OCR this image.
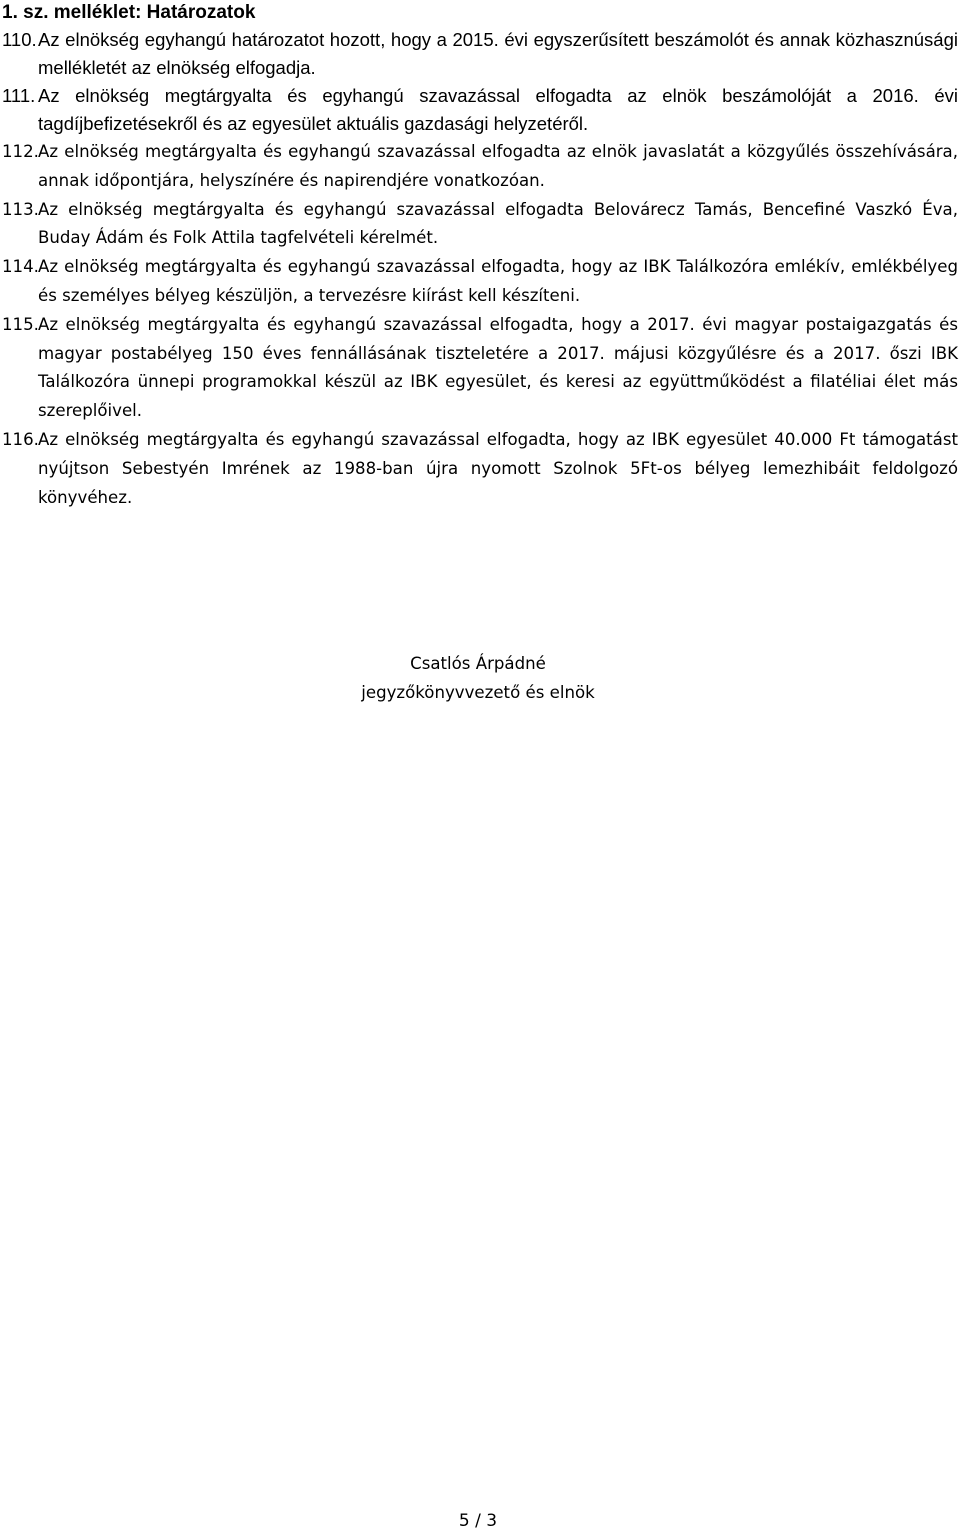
1. sz. melléklet: Határozatok
110. Az elnökség egyhangú határozatot hozott, hogy a 2015. évi egyszerűsített beszámolót és annak közhasznúsági mellékletét az elnökség elfogadja.
111. Az elnökség megtárgyalta és egyhangú szavazással elfogadta az elnök beszámolóját a 2016. évi tagdíjbefizetésekről és az egyesület aktuális gazdasági helyzetéről.
112. Az elnökség megtárgyalta és egyhangú szavazással elfogadta az elnök javaslatát a közgyűlés összehívására, annak időpontjára, helyszínére és napirendjére vonatkozóan.
113. Az elnökség megtárgyalta és egyhangú szavazással elfogadta Belovárecz Tamás, Bencefiné Vaszkó Éva, Buday Ádám és Folk Attila tagfelvételi kérelmét.
114. Az elnökség megtárgyalta és egyhangú szavazással elfogadta, hogy az IBK Találkozóra emlékív, emlékbélyeg és személyes bélyeg készüljön, a tervezésre kiírást kell készíteni.
115. Az elnökség megtárgyalta és egyhangú szavazással elfogadta, hogy a 2017. évi magyar postaigazgatás és magyar postabélyeg 150 éves fennállásának tiszteletére a 2017. májusi közgyűlésre és a 2017. őszi IBK Találkozóra ünnepi programokkal készül az IBK egyesület, és keresi az együttműködést a filatéliai élet más szereplőivel.
116. Az elnökség megtárgyalta és egyhangú szavazással elfogadta, hogy az IBK egyesület 40.000 Ft támogatást nyújtson Sebestyén Imrének az 1988-ban újra nyomott Szolnok 5Ft-os bélyeg lemezhibáit feldolgozó könyvéhez.
Csatlós Árpádné
jegyzőkönyvvezető és elnök
5 / 3
